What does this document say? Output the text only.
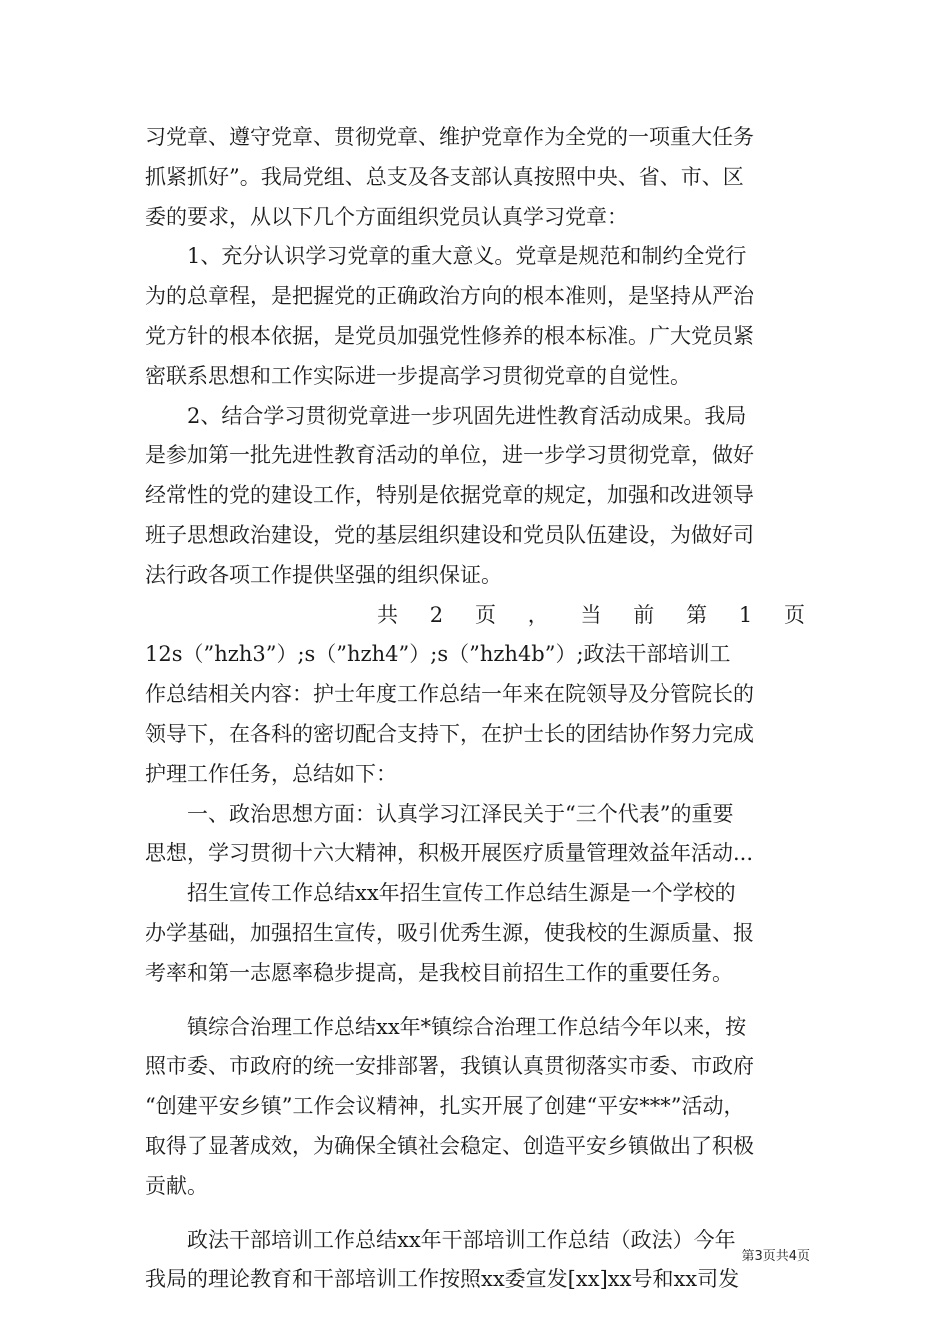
习党章、遵守党章、贯彻党章、维护党章作为全党的一项重大任务
抓紧抓好”。我局党组、总支及各支部认真按照中央、省、市、区
委的要求，从以下几个方面组织党员认真学习党章：
1、充分认识学习党章的重大意义。党章是规范和制约全党行
为的总章程，是把握党的正确政治方向的根本准则，是坚持从严治
党方针的根本依据，是党员加强党性修养的根本标准。广大党员紧
密联系思想和工作实际进一步提高学习贯彻党章的自觉性。
2、结合学习贯彻党章进一步巩固先进性教育活动成果。我局
是参加第一批先进性教育活动的单位，进一步学习贯彻党章，做好
经常性的党的建设工作，特别是依据党章的规定，加强和改进领导
班子思想政治建设，党的基层组织建设和党员队伍建设，为做好司
法行政各项工作提供坚强的组织保证。
共 2 页 ， 当 前 第 1 页
12s（”hzh3”）;s（”hzh4”）;s（”hzh4b”）;政法干部培训工
作总结相关内容：护士年度工作总结一年来在院领导及分管院长的
领导下，在各科的密切配合支持下，在护士长的团结协作努力完成
护理工作任务，总结如下：
一、政治思想方面：认真学习江泽民关于“三个代表”的重要
思想，学习贯彻十六大精神，积极开展医疗质量管理效益年活动...
招生宣传工作总结xx年招生宣传工作总结生源是一个学校的
办学基础，加强招生宣传，吸引优秀生源，使我校的生源质量、报
考率和第一志愿率稳步提高，是我校目前招生工作的重要任务。
镇综合治理工作总结xx年*镇综合治理工作总结今年以来，按
照市委、市政府的统一安排部署，我镇认真贯彻落实市委、市政府
“创建平安乡镇”工作会议精神，扎实开展了创建“平安***”活动，
取得了显著成效，为确保全镇社会稳定、创造平安乡镇做出了积极
贡献。
政法干部培训工作总结xx年干部培训工作总结（政法）今年
我局的理论教育和干部培训工作按照xx委宣发[xx]xx号和xx司发
第3页共4页
